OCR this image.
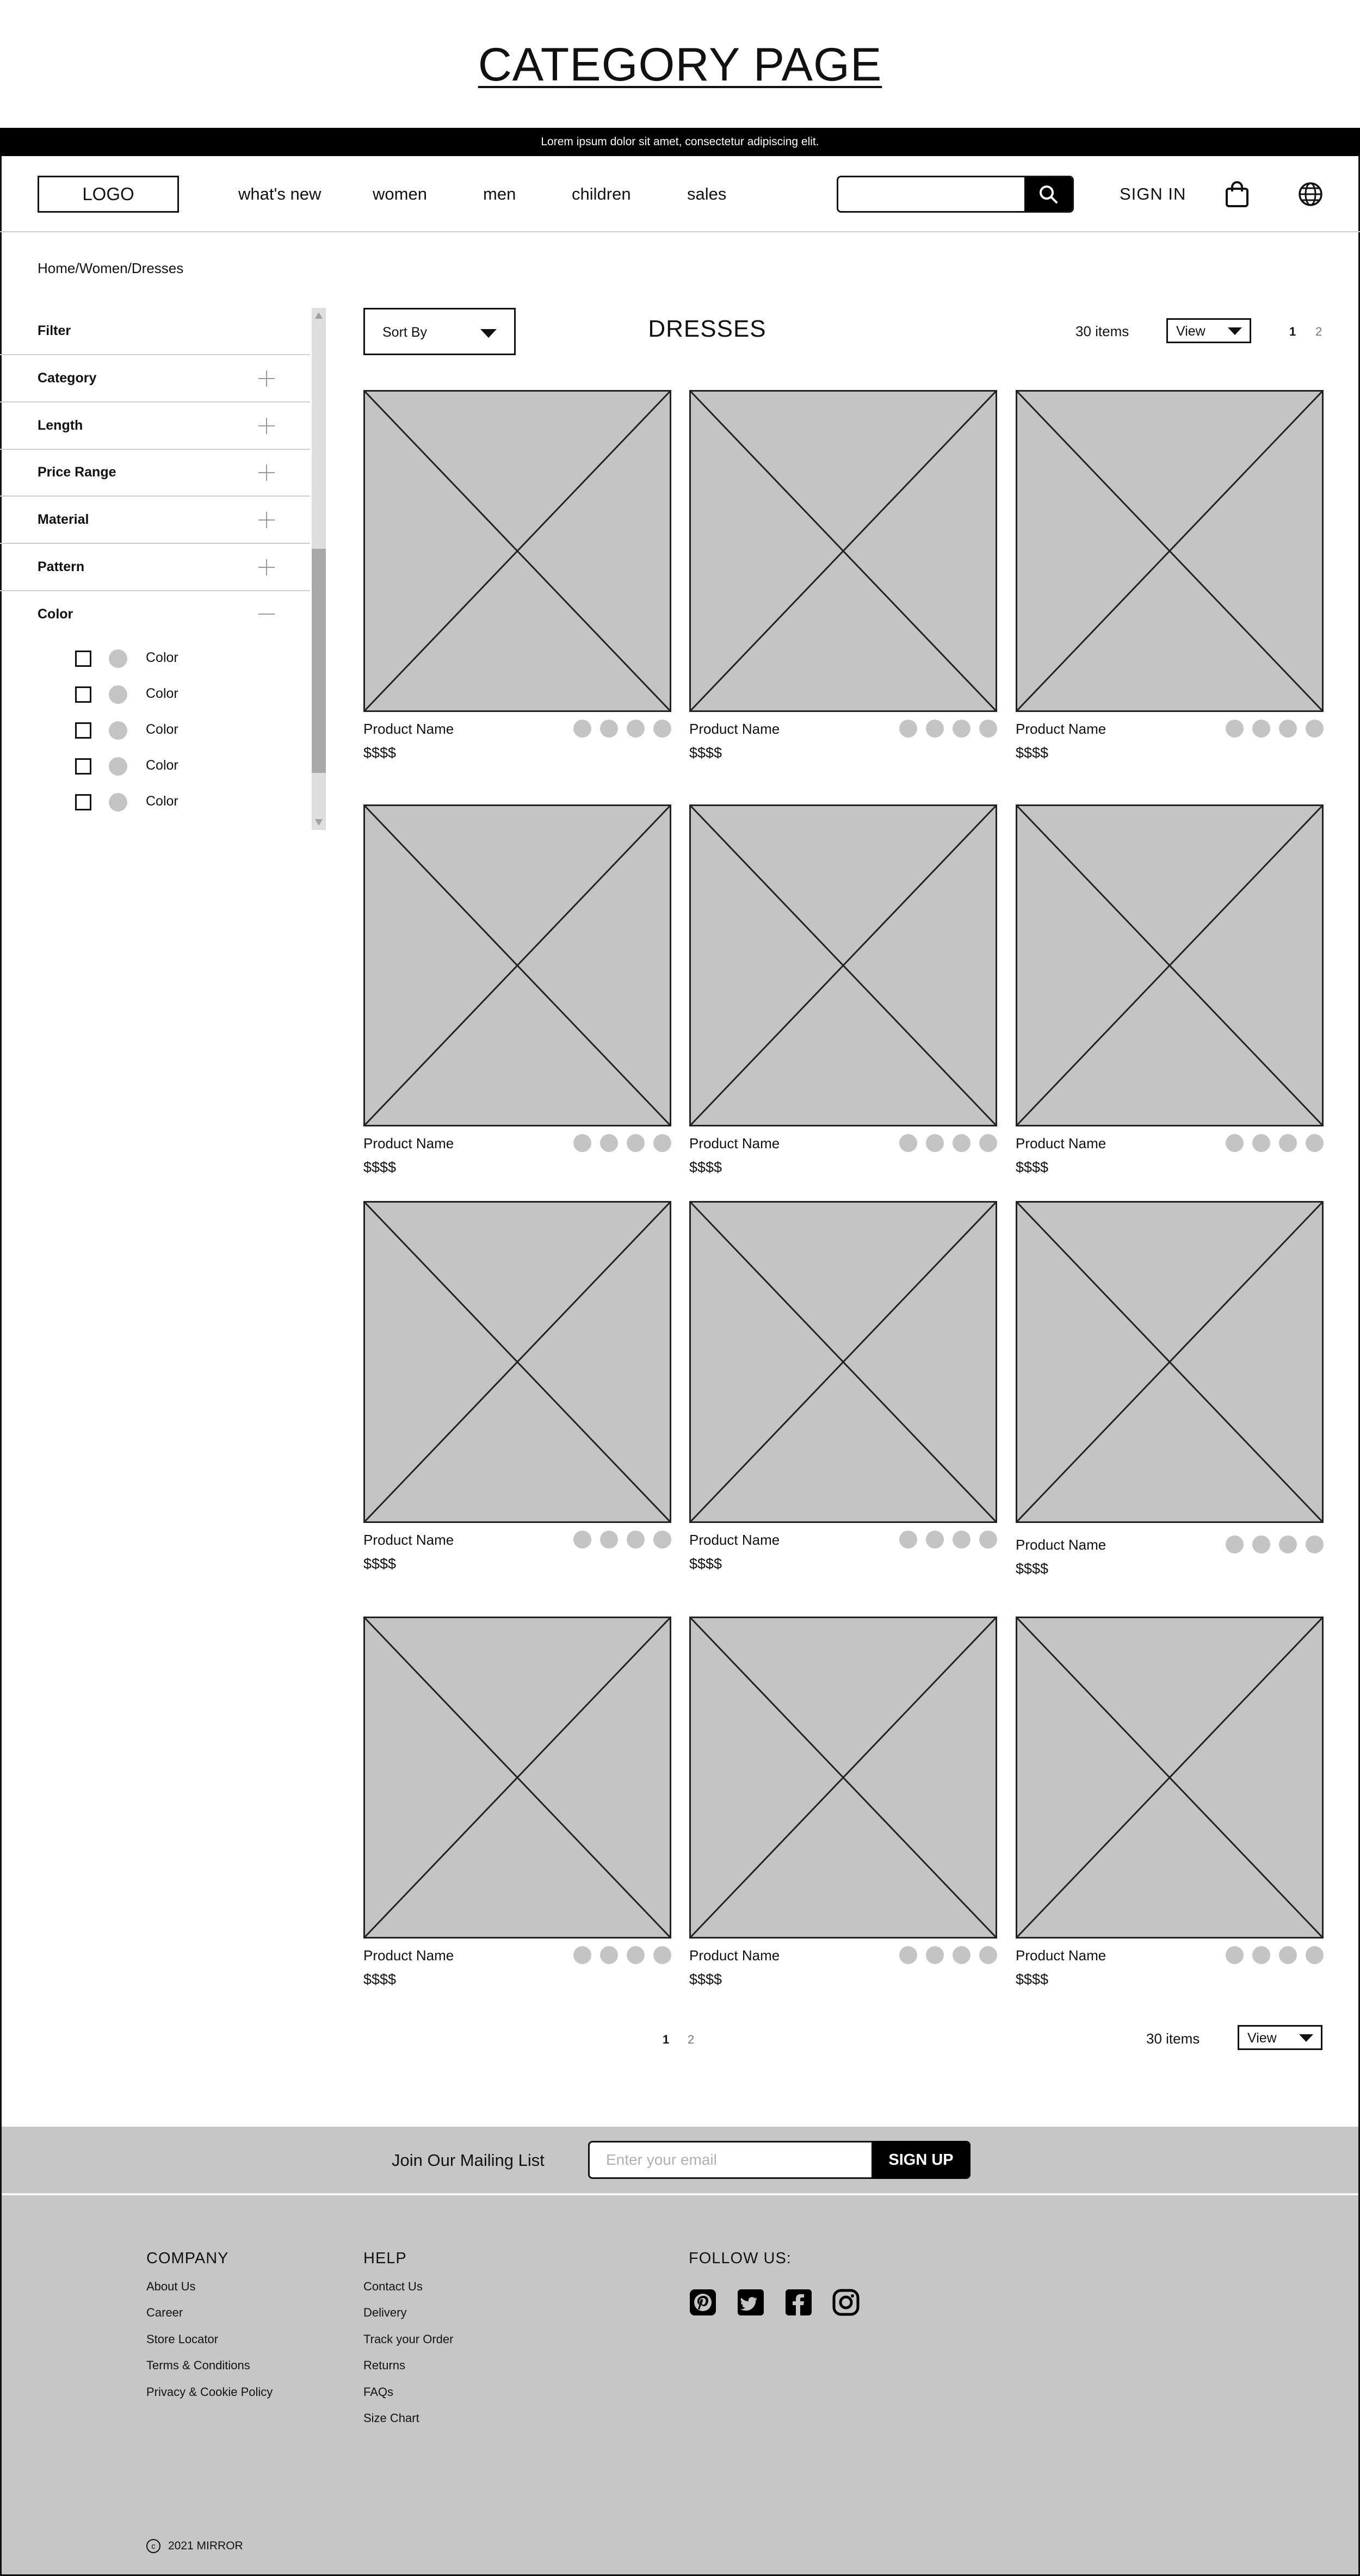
CATEGORY PAGE
Lorem ipsum dolor sit amet, consectetur adipiscing elit.
LOGO	what's new	women	men	children	sales	SIGN IN
Home/Women/Dresses
Filter
Category
Length
Price Range
Material
Pattern
Color
Color
Color
Color
Color
Color
Sort By	DRESSES	30 items	View	1 2
Product Name
$$$$
Product Name
$$$$
Product Name
$$$$
Product Name
$$$$
Product Name
$$$$
Product Name
$$$$
Product Name
$$$$
Product Name
$$$$
Product Name
$$$$
Product Name
$$$$
Product Name
$$$$
Product Name
$$$$
1 2	30 items	View
Join Our Mailing List
Enter your email	SIGN UP
COMPANY
About Us
Career
Store Locator
Terms & Conditions
Privacy & Cookie Policy
HELP
Contact Us
Delivery
Track your Order
Returns
FAQs
Size Chart
FOLLOW US:
c	2021 MIRROR
